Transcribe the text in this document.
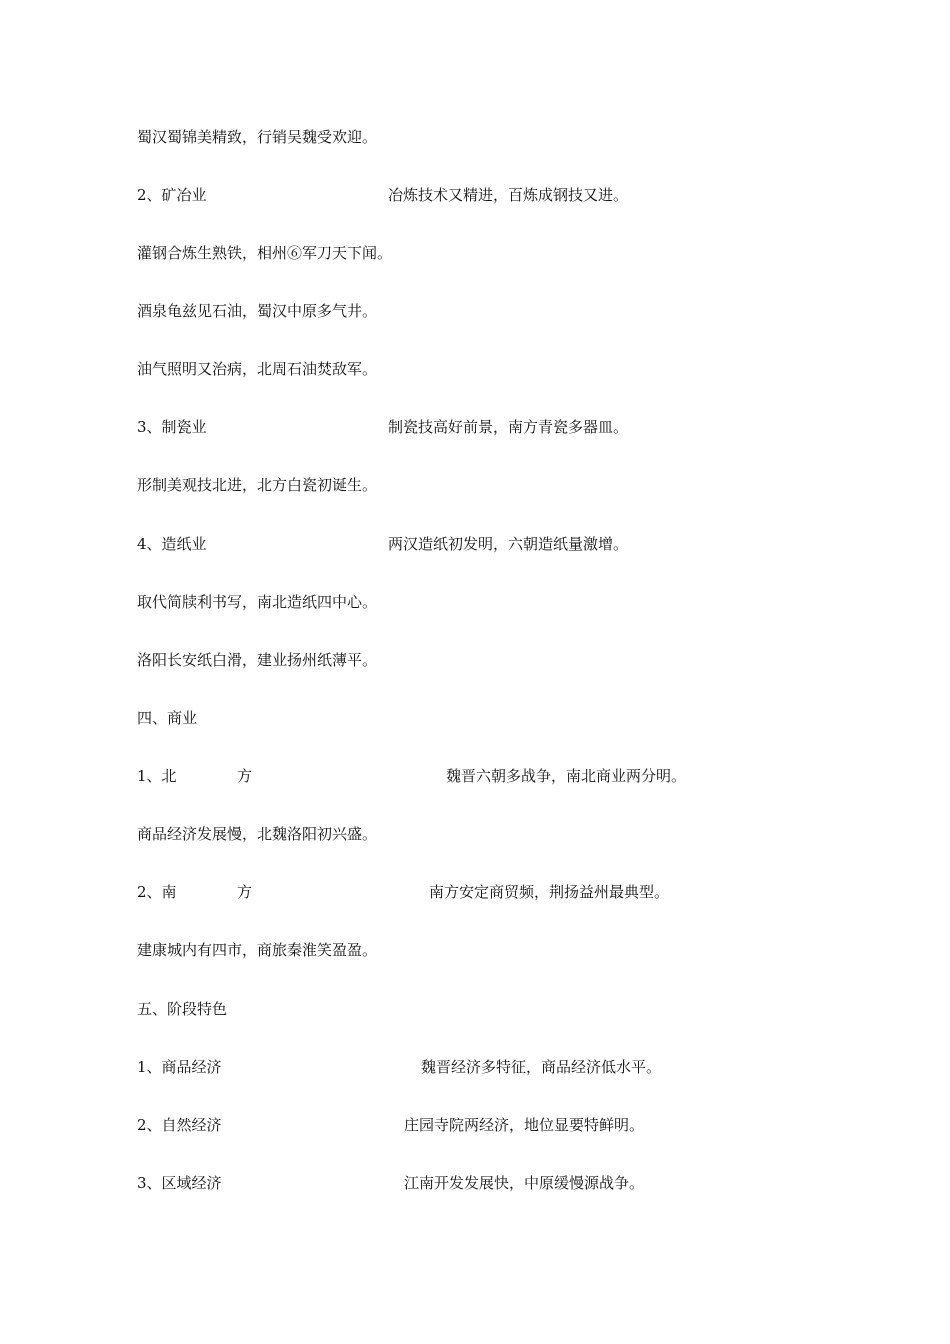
蜀汉蜀锦美精致，行销吴魏受欢迎。
2、矿冶业	冶炼技术又精进，百炼成钢技又进。
灌钢合炼生熟铁，相州⑥军刀天下闻。
酒泉龟兹见石油，蜀汉中原多气井。
油气照明又治病，北周石油焚敌军。
3、制瓷业	制瓷技高好前景，南方青瓷多器皿。
形制美观技北进，北方白瓷初诞生。
4、造纸业	两汉造纸初发明，六朝造纸量激增。
取代简牍利书写，南北造纸四中心。
洛阳长安纸白滑，建业扬州纸薄平。
四、商业
1、北	方	魏晋六朝多战争，南北商业两分明。
商品经济发展慢，北魏洛阳初兴盛。
2、南	方	南方安定商贸频，荆扬益州最典型。
建康城内有四市，商旅秦淮笑盈盈。
五、阶段特色
1、商品经济	魏晋经济多特征，商品经济低水平。
2、自然经济	庄园寺院两经济，地位显要特鲜明。
3、区域经济	江南开发发展快，中原缓慢源战争。
